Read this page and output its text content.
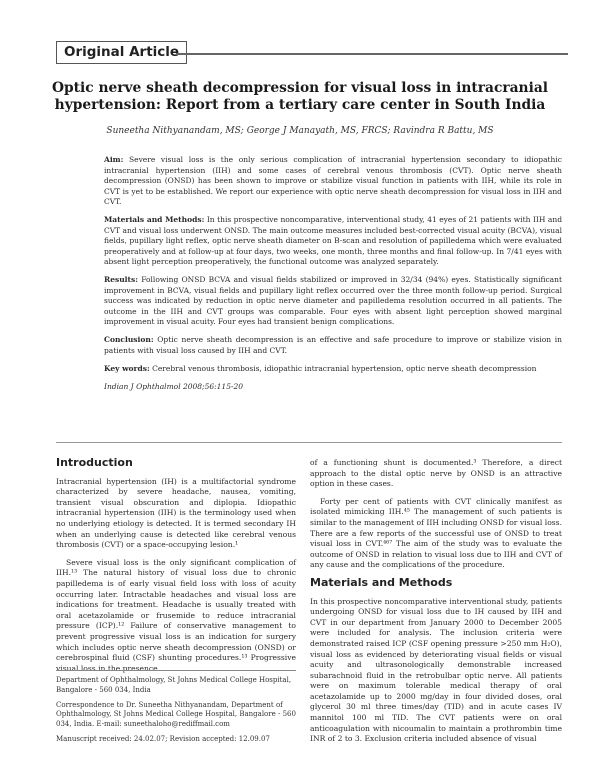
Original Article
Optic nerve sheath decompression for visual loss in intracranial hypertension: Report from a tertiary care center in South India
Suneetha Nithyanandam, MS; George J Manayath, MS, FRCS; Ravindra R Battu, MS

Aim: Severe visual loss is the only serious complication of intracranial hypertension secondary to idiopathic intracranial hypertension (IIH) and some cases of cerebral venous thrombosis (CVT). Optic nerve sheath decompression (ONSD) has been shown to improve or stabilize visual function in patients with IIH, while its role in CVT is yet to be established. We report our experience with optic nerve sheath decompression for visual loss in IIH and CVT.

Materials and Methods: In this prospective noncomparative, interventional study, 41 eyes of 21 patients with IIH and CVT and visual loss underwent ONSD. The main outcome measures included best-corrected visual acuity (BCVA), visual fields, pupillary light reflex, optic nerve sheath diameter on B-scan and resolution of papilledema which were evaluated preoperatively and at follow-up at four days, two weeks, one month, three months and final follow-up. In 7/41 eyes with absent light perception preoperatively, the functional outcome was analyzed separately.

Results: Following ONSD BCVA and visual fields stabilized or improved in 32/34 (94%) eyes. Statistically significant improvement in BCVA, visual fields and pupillary light reflex occurred over the three month follow-up period. Surgical success was indicated by reduction in optic nerve diameter and papilledema resolution occurred in all patients. The outcome in the IIH and CVT groups was comparable. Four eyes with absent light perception showed marginal improvement in visual acuity. Four eyes had transient benign complications.

Conclusion: Optic nerve sheath decompression is an effective and safe procedure to improve or stabilize vision in patients with visual loss caused by IIH and CVT.

Key words: Cerebral venous thrombosis, idiopathic intracranial hypertension, optic nerve sheath decompression

Indian J Ophthalmol 2008;56:115-20

Introduction

Intracranial hypertension (IH) is a multifactorial syndrome characterized by severe headache, nausea, vomiting, transient visual obscuration and diplopia. Idiopathic intracranial hypertension (IIH) is the terminology used when no underlying etiology is detected. It is termed secondary IH when an underlying cause is detected like cerebral venous thrombosis (CVT) or a space-occupying lesion.¹

Severe visual loss is the only significant complication of IIH.¹³ The natural history of visual loss due to chronic papilledema is of early visual field loss with loss of acuity occurring later. Intractable headaches and visual loss are indications for treatment. Headache is usually treated with oral acetazolamide or frusemide to reduce intracranial pressure (ICP).¹² Failure of conservative management to prevent progressive visual loss is an indication for surgery which includes optic nerve sheath decompression (ONSD) or cerebrospinal fluid (CSF) shunting procedures.¹³ Progressive visual loss in the presence

Department of Ophthalmology, St Johns Medical College Hospital, Bangalore - 560 034, India

Correspondence to Dr. Suneetha Nithyanandam, Department of Ophthalmology, St Johns Medical College Hospital, Bangalore - 560 034, India. E-mail: suneethaloho@rediffmail.com

Manuscript received: 24.02.07; Revision accepted: 12.09.07

of a functioning shunt is documented.³ Therefore, a direct approach to the distal optic nerve by ONSD is an attractive option in these cases.

Forty per cent of patients with CVT clinically manifest as isolated mimicking IIH.⁴⁵ The management of such patients is similar to the management of IIH including ONSD for visual loss. There are a few reports of the successful use of ONSD to treat visual loss in CVT.⁴⁶⁷ The aim of the study was to evaluate the outcome of ONSD in relation to visual loss due to IIH and CVT of any cause and the complications of the procedure.

Materials and Methods

In this prospective noncomparative interventional study, patients undergoing ONSD for visual loss due to IH caused by IIH and CVT in our department from January 2000 to December 2005 were included for analysis. The inclusion criteria were demonstrated raised ICP (CSF opening pressure >250 mm H₂O), visual loss as evidenced by deteriorating visual fields or visual acuity and ultrasonologically demonstrable increased subarachnoid fluid in the retrobulbar optic nerve. All patients were on maximum tolerable medical therapy of oral acetazolamide up to 2000 mg/day in four divided doses, oral glycerol 30 ml three times/day (TID) and in acute cases IV mannitol 100 ml TID. The CVT patients were on oral anticoagulation with nicoumalin to maintain a prothrombin time INR of 2 to 3. Exclusion criteria included absence of visual
